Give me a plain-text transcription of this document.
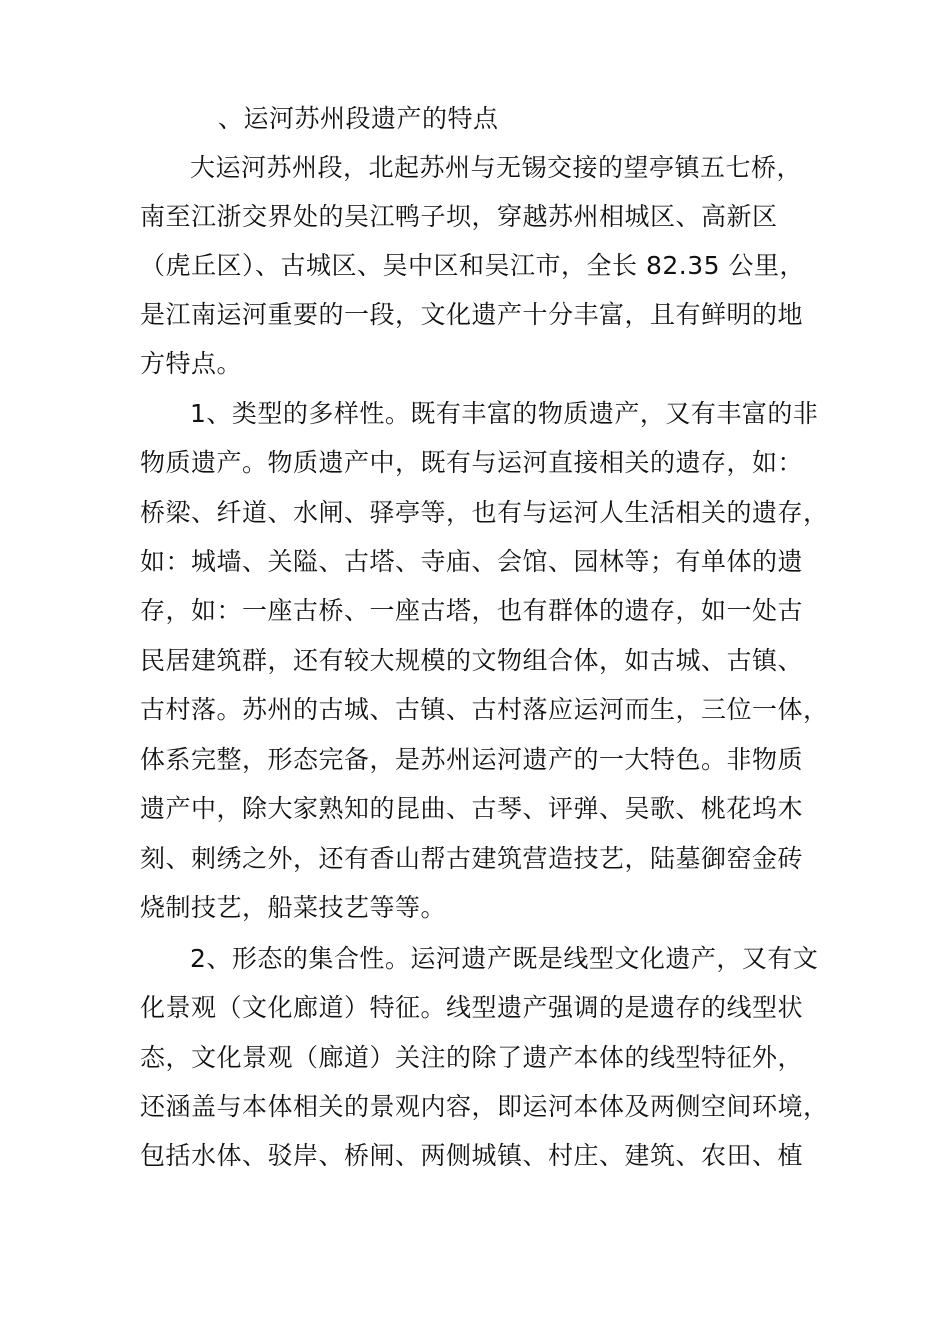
、运河苏州段遗产的特点
大运河苏州段，北起苏州与无锡交接的望亭镇五七桥，
南至江浙交界处的吴江鸭子坝，穿越苏州相城区、高新区
（虎丘区）、古城区、吴中区和吴江市，全长 82.35 公里，
是江南运河重要的一段，文化遗产十分丰富，且有鲜明的地
方特点。
1、类型的多样性。既有丰富的物质遗产，又有丰富的非
物质遗产。物质遗产中，既有与运河直接相关的遗存，如：
桥梁、纤道、水闸、驿亭等，也有与运河人生活相关的遗存，
如：城墙、关隘、古塔、寺庙、会馆、园林等；有单体的遗
存，如：一座古桥、一座古塔，也有群体的遗存，如一处古
民居建筑群，还有较大规模的文物组合体，如古城、古镇、
古村落。苏州的古城、古镇、古村落应运河而生，三位一体，
体系完整，形态完备，是苏州运河遗产的一大特色。非物质
遗产中，除大家熟知的昆曲、古琴、评弹、吴歌、桃花坞木
刻、刺绣之外，还有香山帮古建筑营造技艺，陆墓御窑金砖
烧制技艺，船菜技艺等等。
2、形态的集合性。运河遗产既是线型文化遗产，又有文
化景观（文化廊道）特征。线型遗产强调的是遗存的线型状
态，文化景观（廊道）关注的除了遗产本体的线型特征外，
还涵盖与本体相关的景观内容，即运河本体及两侧空间环境，
包括水体、驳岸、桥闸、两侧城镇、村庄、建筑、农田、植
